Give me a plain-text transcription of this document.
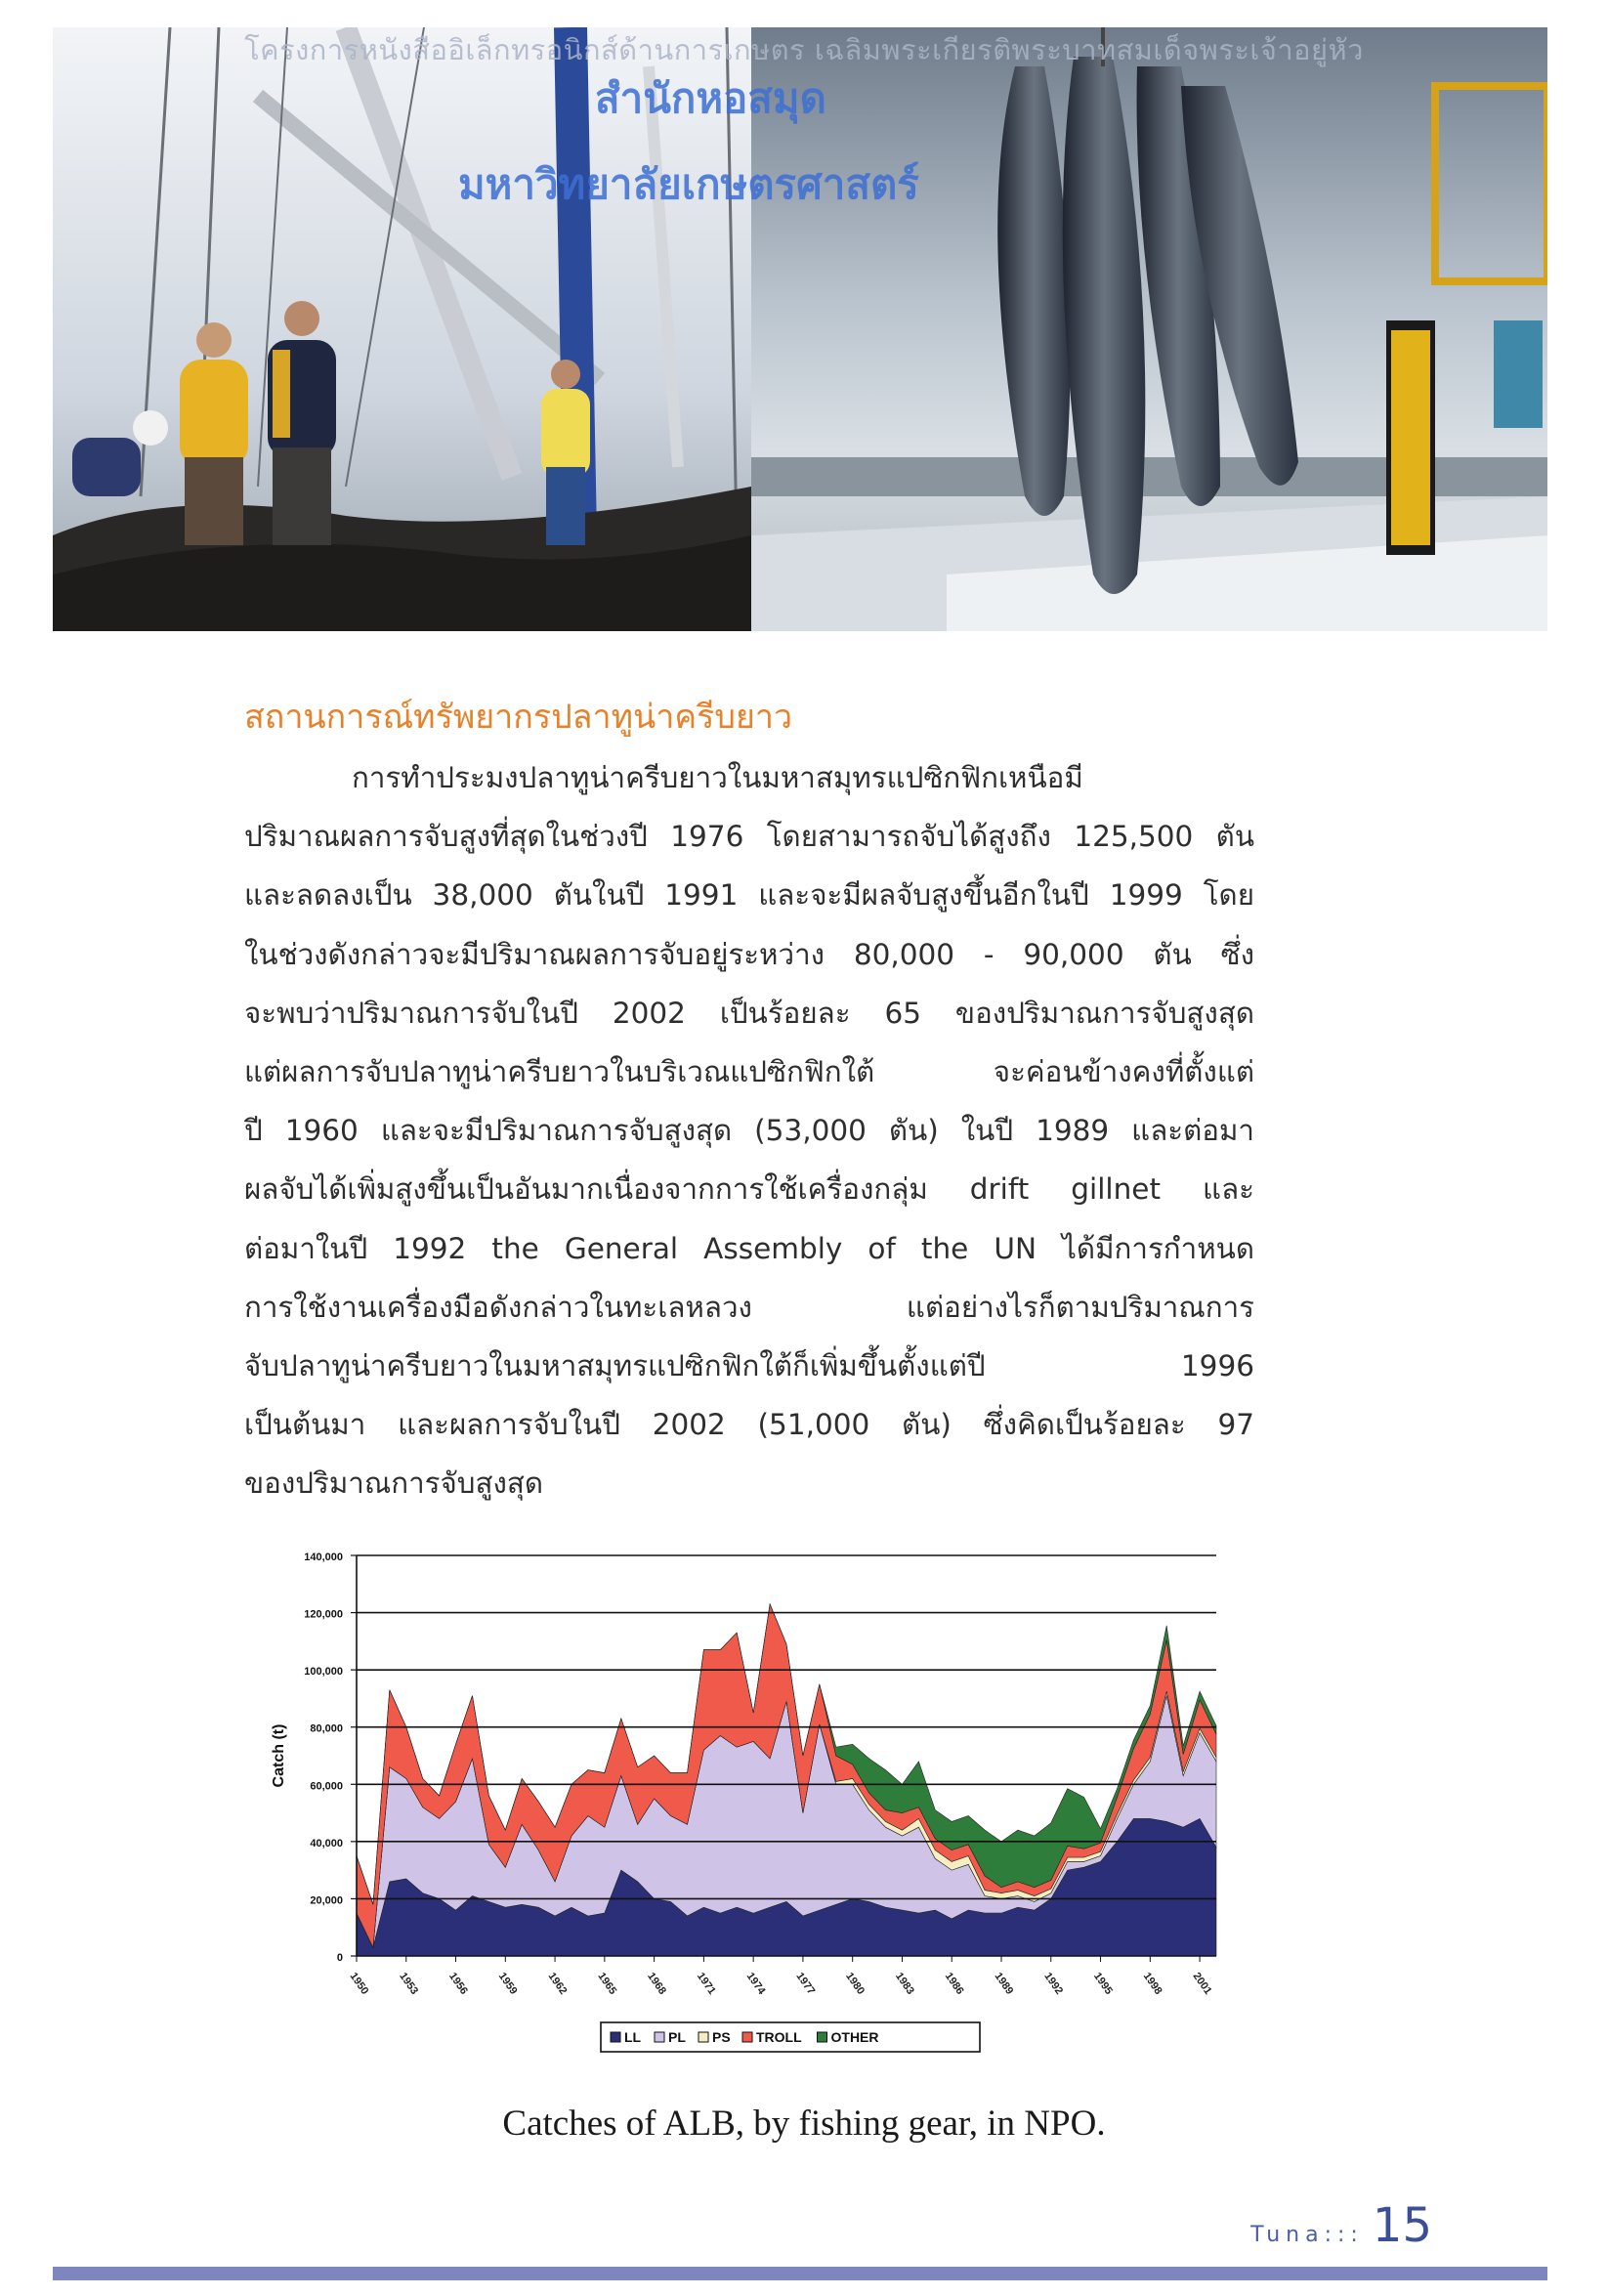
โครงการหนังสืออิเล็กทรอนิกส์ด้านการเกษตร เฉลิมพระเกียรติพระบาทสมเด็จพระเจ้าอยู่หัว
สำนักหอสมุด
มหาวิทยาลัยเกษตรศาสตร์
สถานการณ์ทรัพยากรปลาทูน่าครีบยาว
การทำประมงปลาทูน่าครีบยาวในมหาสมุทรแปซิกฟิกเหนือมี
ปริมาณผลการจับสูงที่สุดในช่วงปี 1976 โดยสามารถจับได้สูงถึง 125,500 ตัน
และลดลงเป็น 38,000 ตันในปี 1991 และจะมีผลจับสูงขึ้นอีกในปี 1999 โดย
ในช่วงดังกล่าวจะมีปริมาณผลการจับอยู่ระหว่าง 80,000 - 90,000 ตัน ซึ่ง
จะพบว่าปริมาณการจับในปี 2002 เป็นร้อยละ 65 ของปริมาณการจับสูงสุด
แต่ผลการจับปลาทูน่าครีบยาวในบริเวณแปซิกฟิกใต้ จะค่อนข้างคงที่ตั้งแต่
ปี 1960 และจะมีปริมาณการจับสูงสุด (53,000 ตัน) ในปี 1989 และต่อมา
ผลจับได้เพิ่มสูงขึ้นเป็นอันมากเนื่องจากการใช้เครื่องกลุ่ม drift gillnet และ
ต่อมาในปี 1992 the General Assembly of the UN ได้มีการกำหนด
การใช้งานเครื่องมือดังกล่าวในทะเลหลวง แต่อย่างไรก็ตามปริมาณการ
จับปลาทูน่าครีบยาวในมหาสมุทรแปซิกฟิกใต้ก็เพิ่มขึ้นตั้งแต่ปี 1996
เป็นต้นมา และผลการจับในปี 2002 (51,000 ตัน) ซึ่งคิดเป็นร้อยละ 97
ของปริมาณการจับสูงสุด
0
20,000
40,000
60,000
80,000
100,000
120,000
140,000
1950 1953 1956 1959 1962 1965 1968 1971 1974 1977 1980 1983 1986 1989 1992 1995 1998 2001
Catch (t)
LL PL PS TROLL OTHER
Catches of ALB, by fishing gear, in NPO.
Tuna::: 15
